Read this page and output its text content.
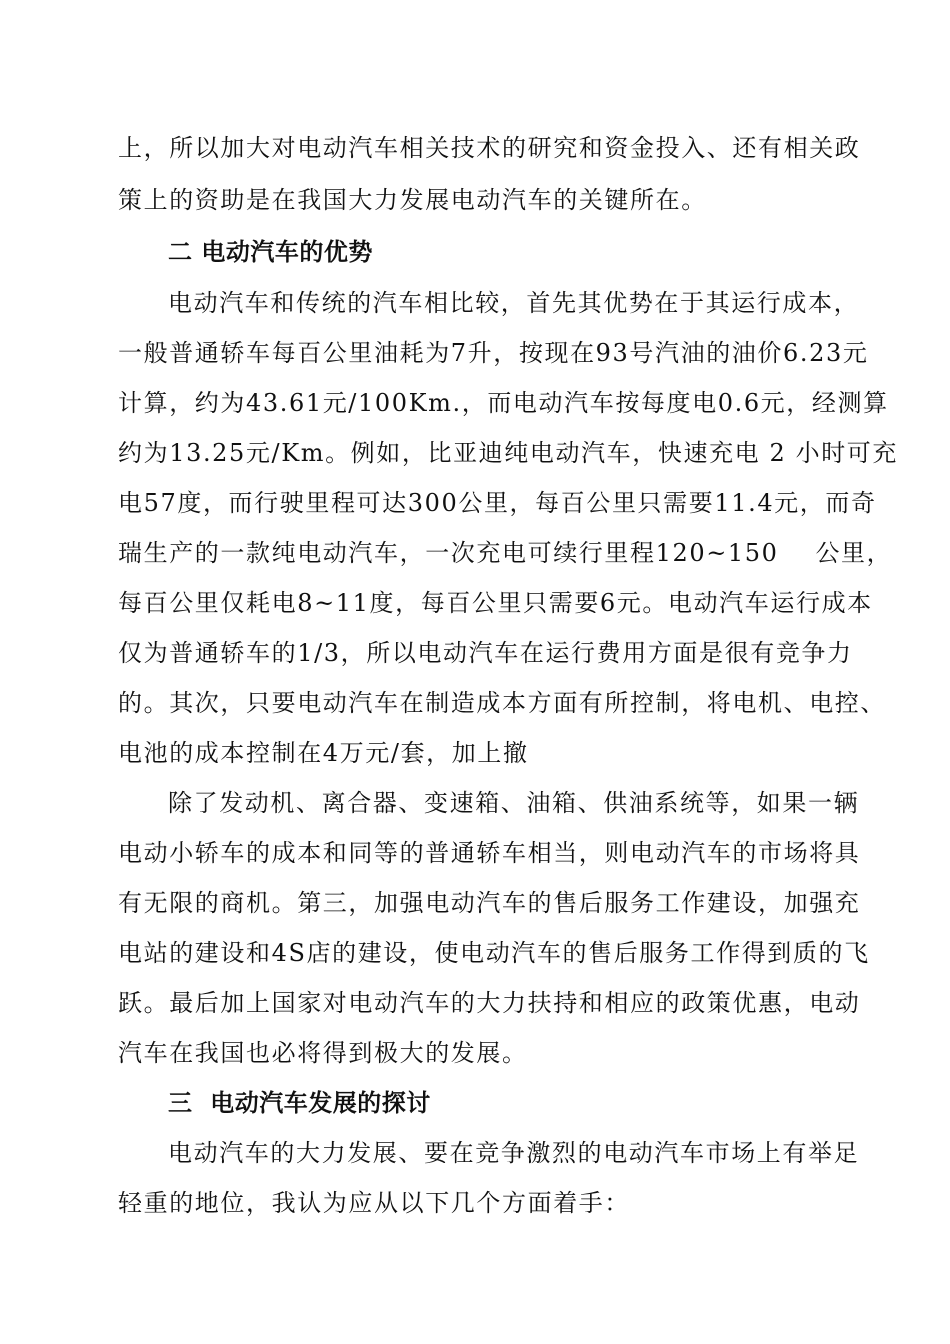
上，所以加大对电动汽车相关技术的研究和资金投入、还有相关政
策上的资助是在我国大力发展电动汽车的关键所在。
二 电动汽车的优势
电动汽车和传统的汽车相比较，首先其优势在于其运行成本，
一般普通轿车每百公里油耗为7升，按现在93号汽油的油价6.23元
计算，约为43.61元/100Km.，而电动汽车按每度电0.6元，经测算
约为13.25元/Km。例如，比亚迪纯电动汽车，快速充电 2 小时可充
电57度，而行驶里程可达300公里，每百公里只需要11.4元，而奇
瑞生产的一款纯电动汽车，一次充电可续行里程120~150    公里，
每百公里仅耗电8~11度，每百公里只需要6元。电动汽车运行成本
仅为普通轿车的1/3，所以电动汽车在运行费用方面是很有竞争力
的。其次，只要电动汽车在制造成本方面有所控制，将电机、电控、
电池的成本控制在4万元/套，加上撤
除了发动机、离合器、变速箱、油箱、供油系统等，如果一辆
电动小轿车的成本和同等的普通轿车相当，则电动汽车的市场将具
有无限的商机。第三，加强电动汽车的售后服务工作建设，加强充
电站的建设和4S店的建设，使电动汽车的售后服务工作得到质的飞
跃。最后加上国家对电动汽车的大力扶持和相应的政策优惠，电动
汽车在我国也必将得到极大的发展。
三  电动汽车发展的探讨
电动汽车的大力发展、要在竞争激烈的电动汽车市场上有举足
轻重的地位，我认为应从以下几个方面着手：
